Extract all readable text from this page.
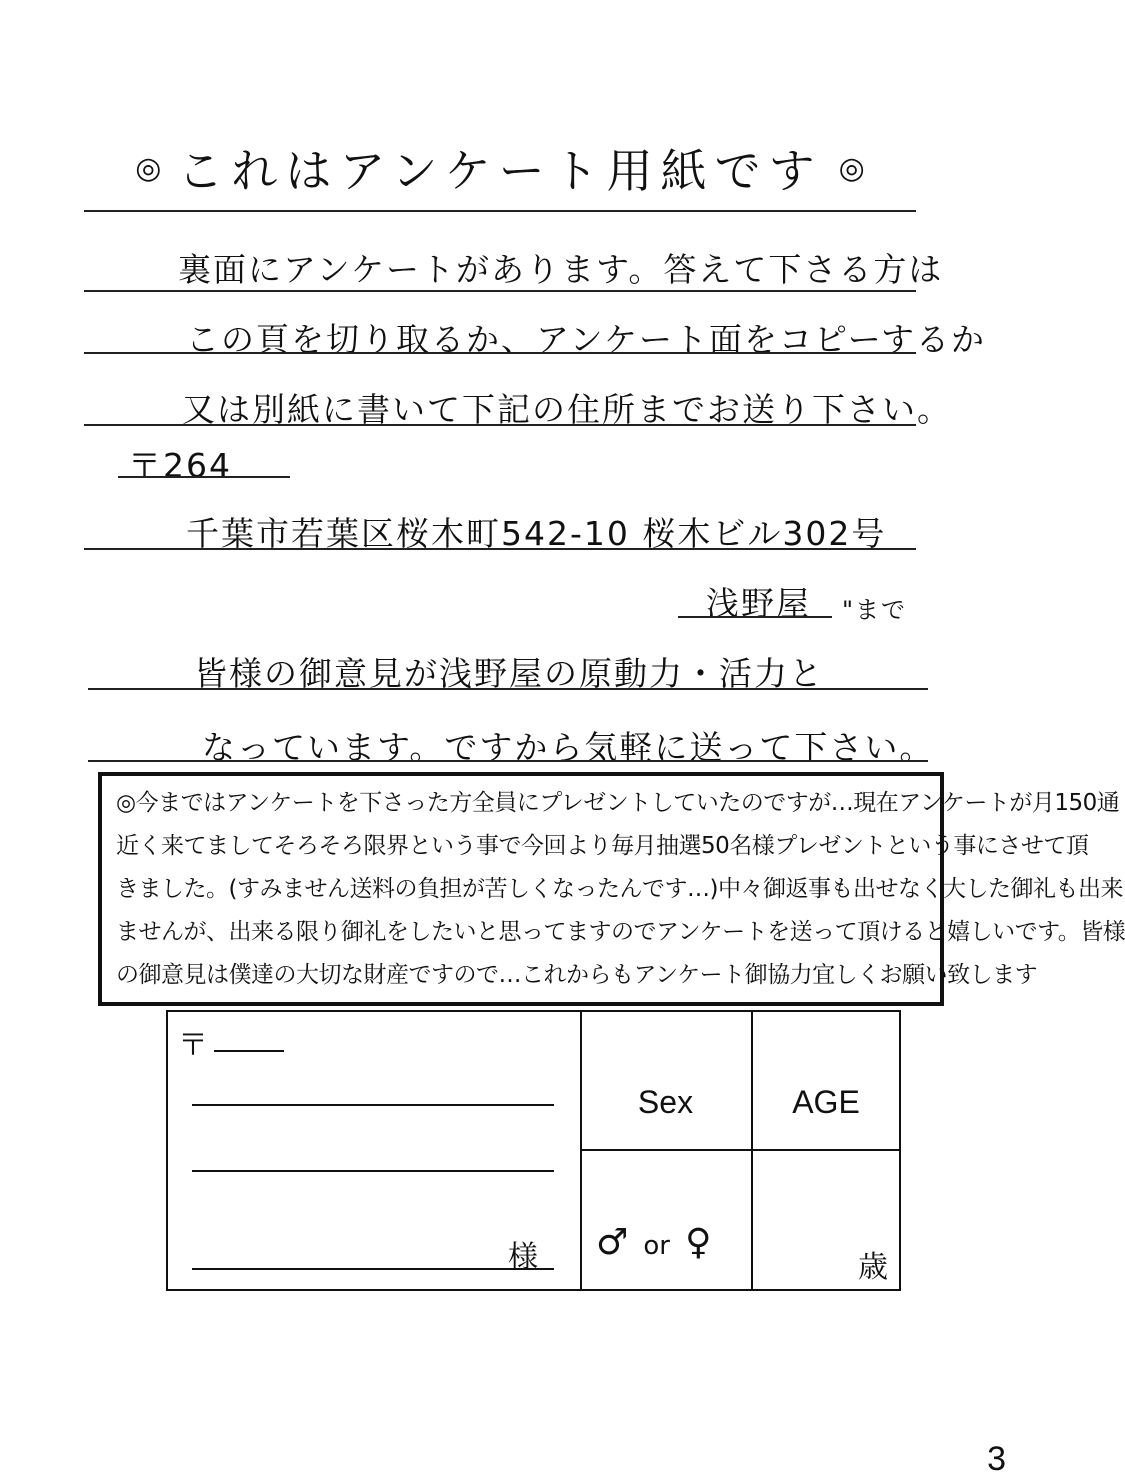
◎ これはアンケート用紙です ◎
裏面にアンケートがあります。答えて下さる方は
この頁を切り取るか、アンケート面をコピーするか
又は別紙に書いて下記の住所までお送り下さい。
〒264
千葉市若葉区桜木町542-10 桜木ビル302号
浅野屋 "まで
皆様の御意見が浅野屋の原動力・活力と
なっています。ですから気軽に送って下さい。
◎今まではアンケートを下さった方全員にプレゼントしていたのですが…現在アンケートが月150通
近く来てましてそろそろ限界という事で今回より毎月抽選50名様プレゼントという事にさせて頂
きました。(すみません送料の負担が苦しくなったんです…)中々御返事も出せなく大した御礼も出来
ませんが、出来る限り御礼をしたいと思ってますのでアンケートを送って頂けると嬉しいです。皆様
の御意見は僕達の大切な財産ですので…これからもアンケート御協力宜しくお願い致します
〒
様
Sex	AGE
♂ or ♀
歳
3
